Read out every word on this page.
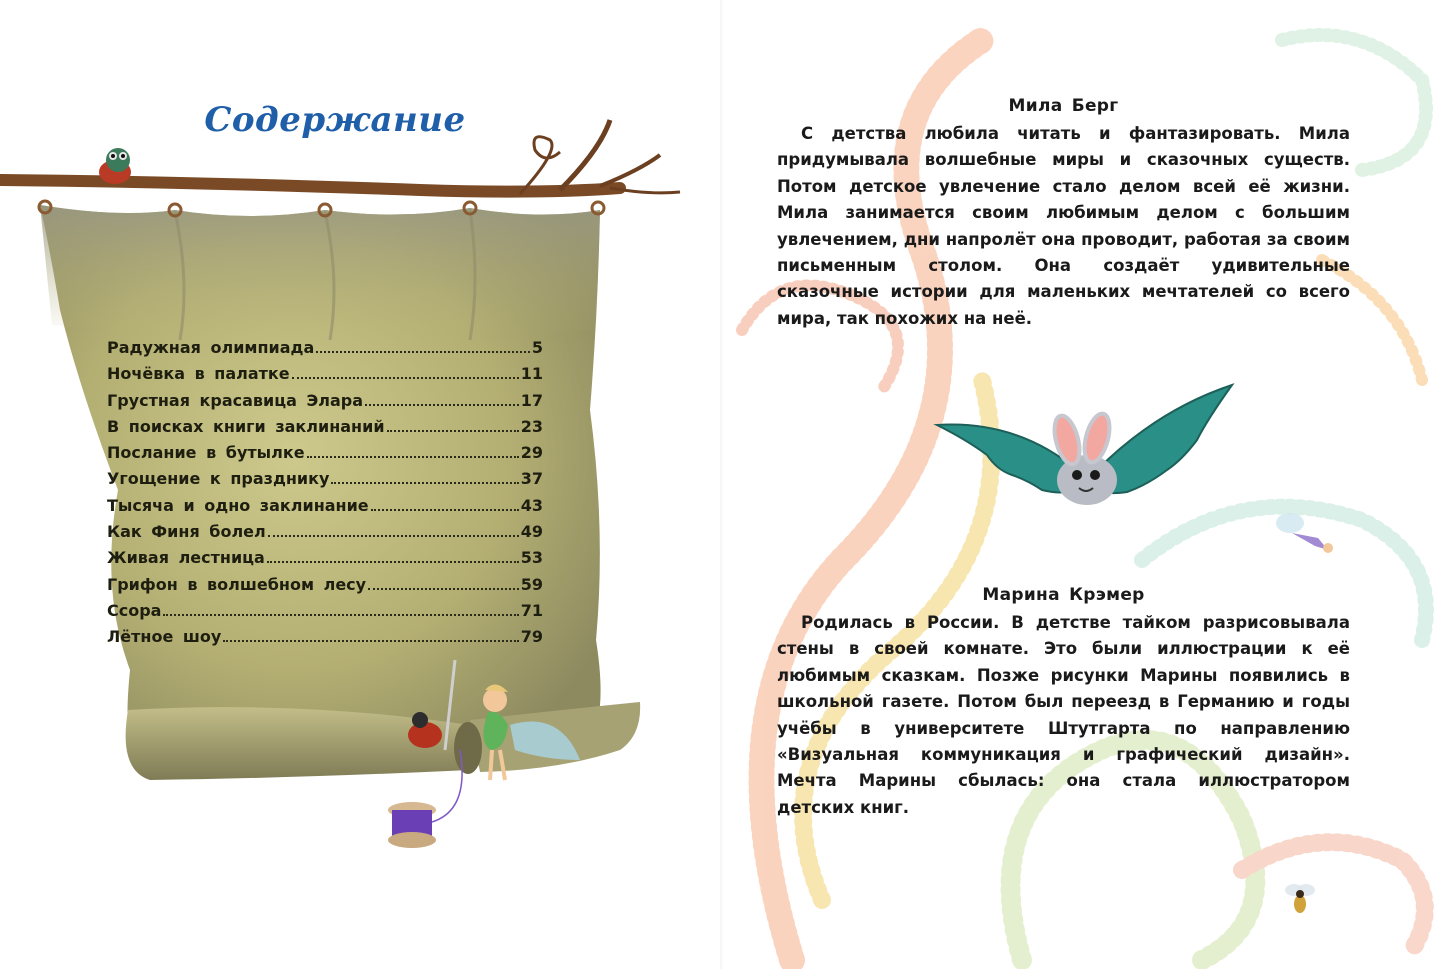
Содержание
Радужная олимпиада	5
Ночёвка в палатке	11
Грустная красавица Элара	17
В поисках книги заклинаний	23
Послание в бутылке	29
Угощение к празднику	37
Тысяча и одно заклинание	43
Как Финя болел	49
Живая лестница	53
Грифон в волшебном лесу	59
Ссора	71
Лётное шоу	79
Мила Берг

С детства любила читать и фантазировать. Мила придумывала волшебные миры и сказочных существ. Потом детское увлечение стало делом всей её жизни. Мила занимается своим любимым делом с большим увлечением, дни напролёт она проводит, работая за своим письменным столом. Она создаёт удивительные сказочные истории для маленьких мечтателей со всего мира, так похожих на неё.

Марина Крэмер

Родилась в России. В детстве тайком разрисовывала стены в своей комнате. Это были иллюстрации к её любимым сказкам. Позже рисунки Марины появились в школьной газете. Потом был переезд в Германию и годы учёбы в университете Штутгарта по направлению «Визуальная коммуникация и графический дизайн». Мечта Марины сбылась: она стала иллюстратором детских книг.
